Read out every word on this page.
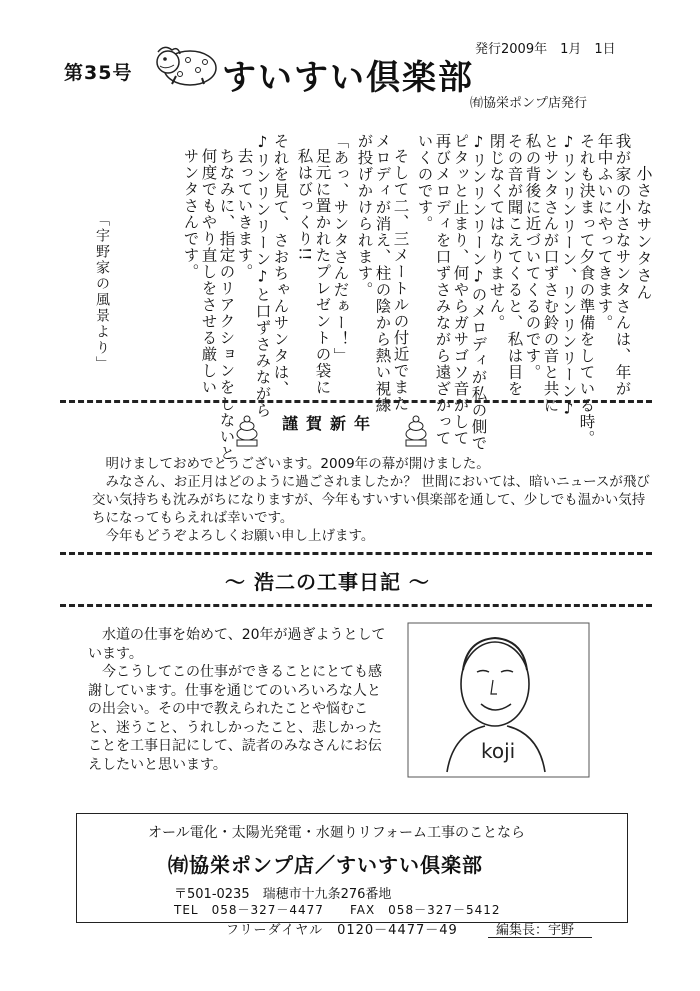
第35号	すいすい倶楽部
発行2009年　1月　1日
㈲協栄ポンプ店発行
小さなサンタさん
我が家の小さなサンタさんは、年が
年中ふいにやってきます。
それも決まって夕食の準備をしている時。
♪リンリンリーン、リンリンリーン♪
とサンタさんが口ずさむ鈴の音と共に
私の背後に近づいてくるのです。
その音が聞こえてくると、私は目を
閉じなくてはなりません。
♪リンリンリーン♪のメロディが私の側で
ピタッと止まり、何やらガサゴソ音がして
再びメロディを口ずさみながら遠ざかって
いくのです。
そして二、三メートルの付近でまた
メロディが消え、柱の陰から熱い視線
が投げかけられます。
「あっ、サンタさんだぁー！」
足元に置かれたプレゼントの袋に
私はびっくり!!
それを見て、さおちゃんサンタは、
♪リンリンリーン♪と口ずさみながら
去っていきます。
ちなみに、指定のリアクションをしないと
何度でもやり直しをさせる厳しい
サンタさんです。
「宇野家の風景より」
謹賀新年

明けましておめでとうございます。2009年の幕が開けました。

みなさん、お正月はどのように過ごされましたか？ 世間においては、暗いニュースが飛び交い気持ちも沈みがちになりますが、今年もすいすい倶楽部を通して、少しでも温かい気持ちになってもらえれば幸いです。

今年もどうぞよろしくお願い申し上げます。

～ 浩二の工事日記 ～

水道の仕事を始めて、20年が過ぎようとしています。

今こうしてこの仕事ができることにとても感謝しています。仕事を通じてのいろいろな人との出会い。その中で教えられたことや悩むこと、迷うこと、うれしかったこと、悲しかったことを工事日記にして、読者のみなさんにお伝えしたいと思います。

koji
オール電化・太陽光発電・水廻りリフォーム工事のことなら
㈲協栄ポンプ店／すいすい倶楽部
〒501-0235　瑞穂市十九条276番地
TEL　058－327－4477　　FAX　058－327－5412
フリーダイヤル　0120－4477－49	編集長：宇野
